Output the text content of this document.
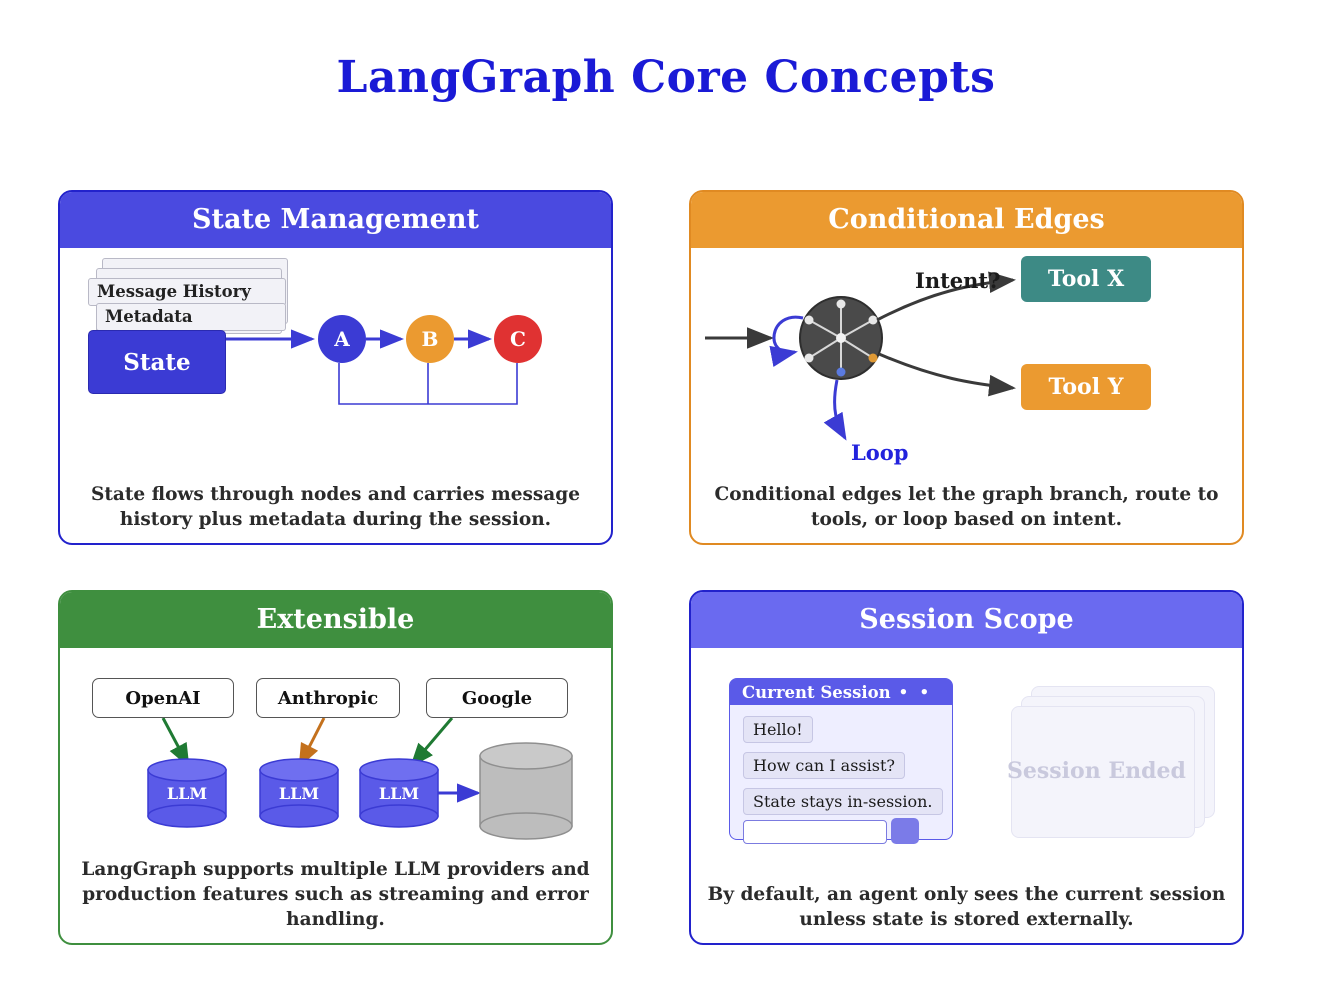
LangGraph Core Concepts
State Management
Message History
Metadata
State
A	B	C
State flows through nodes and carries message history plus metadata during the session.
Conditional Edges
Intent?
Loop
Tool X
Tool Y
Conditional edges let the graph branch, route to tools, or loop based on intent.
Extensible
OpenAI	Anthropic	Google
LLM	LLM	LLM
LangGraph supports multiple LLM providers and production features such as streaming and error handling.
Session Scope
Session Ended
Current Session • •
Hello!
How can I assist?
State stays in-session.
By default, an agent only sees the current session unless state is stored externally.
